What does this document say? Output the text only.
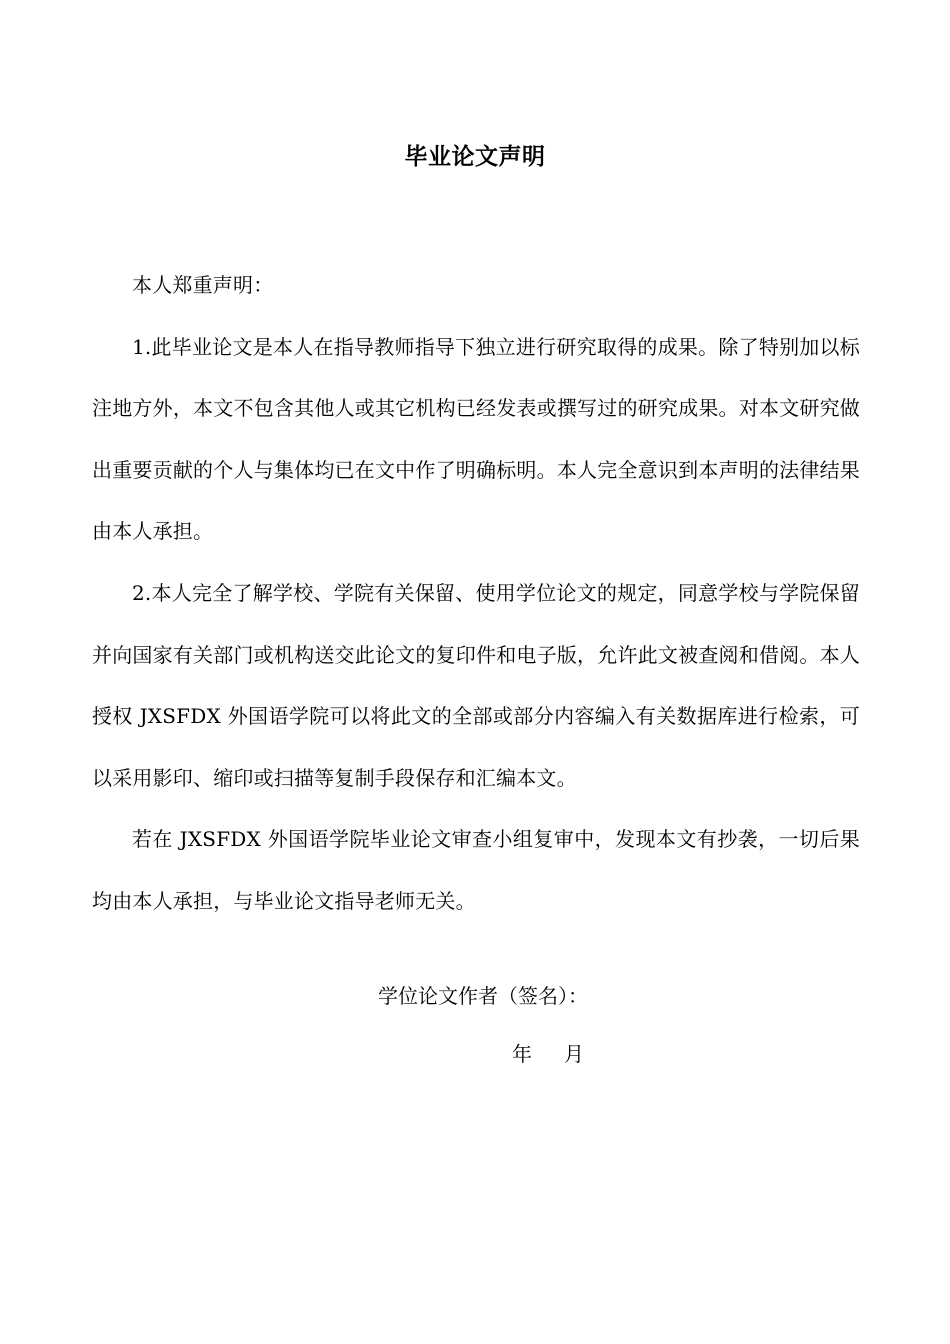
毕业论文声明

本人郑重声明：

1.此毕业论文是本人在指导教师指导下独立进行研究取得的成果。除了特别加以标注地方外，本文不包含其他人或其它机构已经发表或撰写过的研究成果。对本文研究做出重要贡献的个人与集体均已在文中作了明确标明。本人完全意识到本声明的法律结果由本人承担。

2.本人完全了解学校、学院有关保留、使用学位论文的规定，同意学校与学院保留并向国家有关部门或机构送交此论文的复印件和电子版，允许此文被查阅和借阅。本人授权 JXSFDX 外国语学院可以将此文的全部或部分内容编入有关数据库进行检索，可以采用影印、缩印或扫描等复制手段保存和汇编本文。

若在 JXSFDX 外国语学院毕业论文审查小组复审中，发现本文有抄袭，一切后果均由本人承担，与毕业论文指导老师无关。

学位论文作者（签名）：
年 月
